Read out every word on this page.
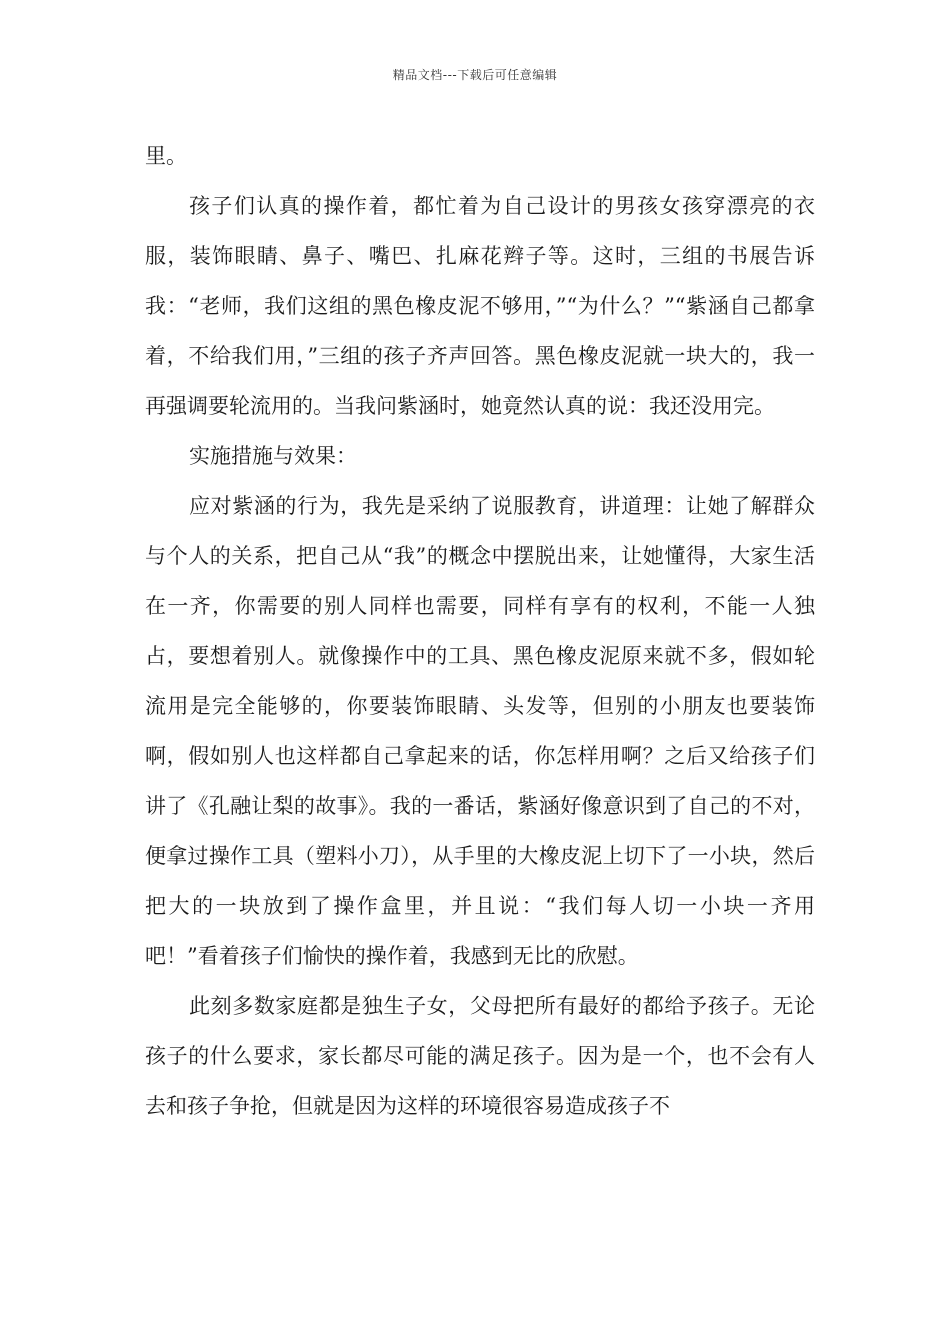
精品文档---下载后可任意编辑

里。

孩子们认真的操作着，都忙着为自己设计的男孩女孩穿漂亮的衣服，装饰眼睛、鼻子、嘴巴、扎麻花辫子等。这时，三组的书展告诉我：“老师，我们这组的黑色橡皮泥不够用，”“为什么？”“紫涵自己都拿着，不给我们用，”三组的孩子齐声回答。黑色橡皮泥就一块大的，我一再强调要轮流用的。当我问紫涵时，她竟然认真的说：我还没用完。

实施措施与效果：

应对紫涵的行为，我先是采纳了说服教育，讲道理：让她了解群众与个人的关系，把自己从“我”的概念中摆脱出来，让她懂得，大家生活在一齐，你需要的别人同样也需要，同样有享有的权利，不能一人独占，要想着别人。就像操作中的工具、黑色橡皮泥原来就不多，假如轮流用是完全能够的，你要装饰眼睛、头发等，但别的小朋友也要装饰啊，假如别人也这样都自己拿起来的话，你怎样用啊？之后又给孩子们讲了《孔融让梨的故事》。我的一番话，紫涵好像意识到了自己的不对，便拿过操作工具（塑料小刀），从手里的大橡皮泥上切下了一小块，然后把大的一块放到了操作盒里，并且说：“我们每人切一小块一齐用吧！”看着孩子们愉快的操作着，我感到无比的欣慰。

此刻多数家庭都是独生子女，父母把所有最好的都给予孩子。无论孩子的什么要求，家长都尽可能的满足孩子。因为是一个，也不会有人去和孩子争抢，但就是因为这样的环境很容易造成孩子不
